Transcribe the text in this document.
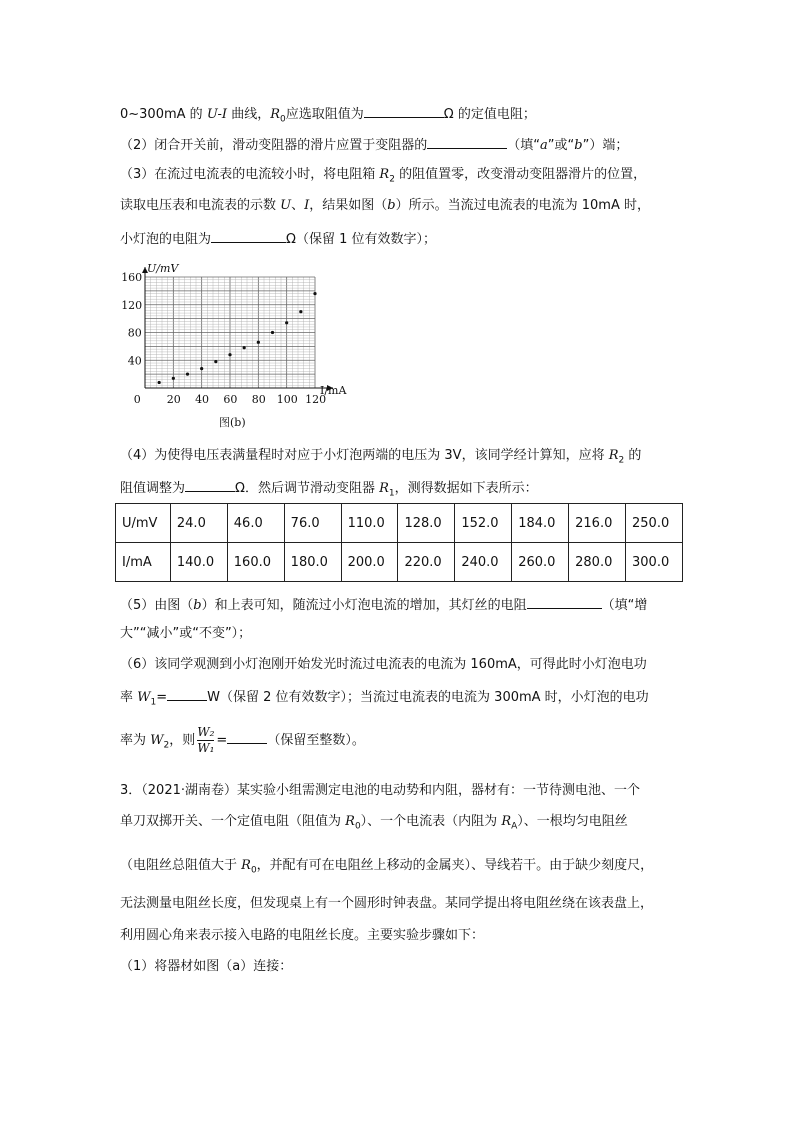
0~300mA 的 U-I 曲线，$R_0$应选取阻值为	Ω 的定值电阻；
（2）闭合开关前，滑动变阻器的滑片应置于变阻器的	（填“a”或“b”）端；
（3）在流过电流表的电流较小时，将电阻箱 $R_2$ 的阻值置零，改变滑动变阻器滑片的位置，
读取电压表和电流表的示数 U、I，结果如图（b）所示。当流过电流表的电流为 10mA 时，
小灯泡的电阻为	Ω（保留 1 位有效数字）；
0 20 40 60 80 100 120
40
80
120
160
U/mV
I/mA
图(b)
（4）为使得电压表满量程时对应于小灯泡两端的电压为 3V，该同学经计算知，应将 $R_2$ 的
阻值调整为	Ω．然后调节滑动变阻器 $R_1$，测得数据如下表所示：
U/mV	24.0	46.0	76.0	110.0	128.0	152.0	184.0	216.0	250.0
I/mA	140.0	160.0	180.0	200.0	220.0	240.0	260.0	280.0	300.0
（5）由图（b）和上表可知，随流过小灯泡电流的增加，其灯丝的电阻	（填“增
大”“减小”或“不变”）；
（6）该同学观测到小灯泡刚开始发光时流过电流表的电流为 160mA，可得此时小灯泡电功
率 $W_1=$	W（保留 2 位有效数字）；当流过电流表的电流为 300mA 时，小灯泡的电功
率为 $W_2$，则 $\frac{\text{W₂}}{\text{W₁}}$ =	（保留至整数）。
3．（2021·湖南卷）某实验小组需测定电池的电动势和内阻，器材有：一节待测电池、一个
单刀双掷开关、一个定值电阻（阻值为 $R_0$）、一个电流表（内阻为 $R_A$）、一根均匀电阻丝
（电阻丝总阻值大于 $R_0$，并配有可在电阻丝上移动的金属夹）、导线若干。由于缺少刻度尺，
无法测量电阻丝长度，但发现桌上有一个圆形时钟表盘。某同学提出将电阻丝绕在该表盘上，
利用圆心角来表示接入电路的电阻丝长度。主要实验步骤如下：
（1）将器材如图（a）连接：
